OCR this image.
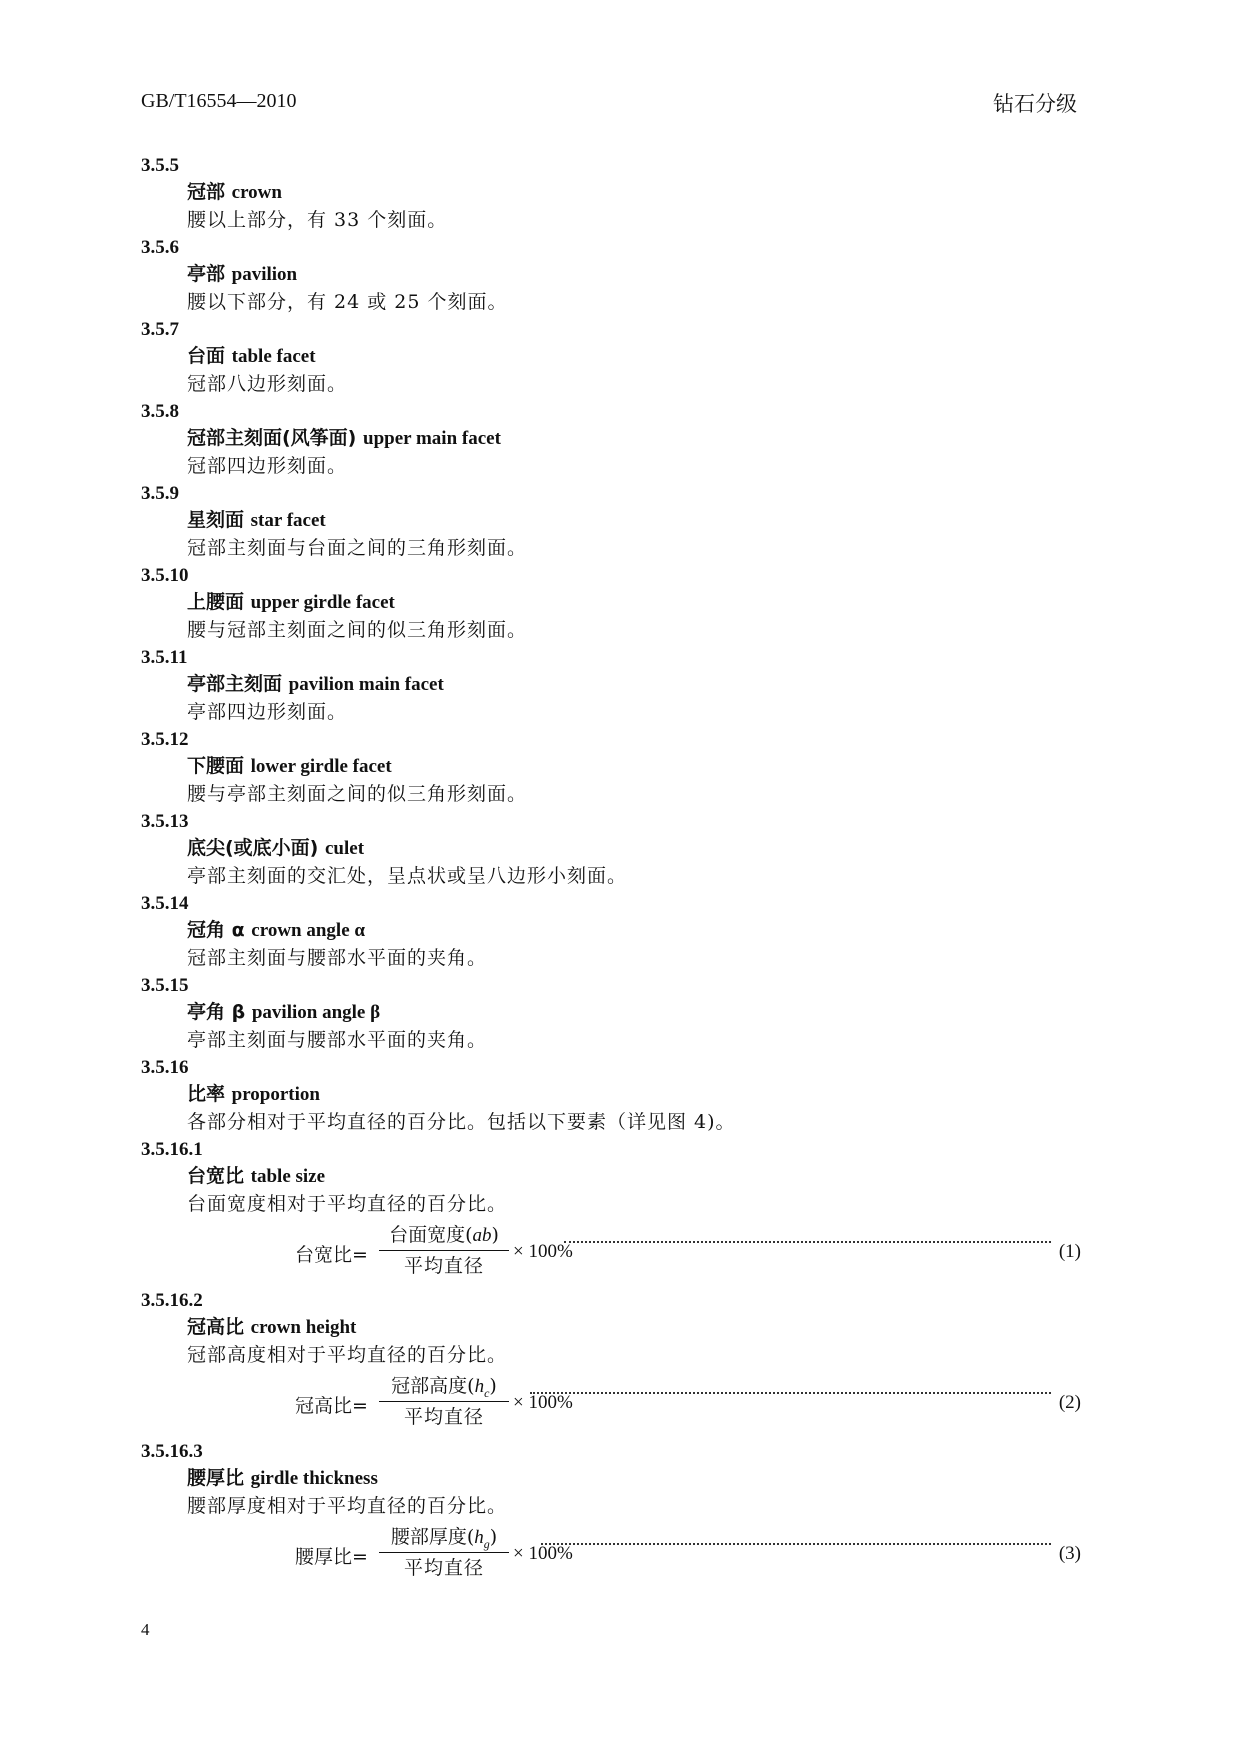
GB/T16554—2010	钻石分级
3.5.5
冠部 crown
腰以上部分，有 33 个刻面。
3.5.6
亭部 pavilion
腰以下部分，有 24 或 25 个刻面。
3.5.7
台面 table facet
冠部八边形刻面。
3.5.8
冠部主刻面(风筝面) upper main facet
冠部四边形刻面。
3.5.9
星刻面 star facet
冠部主刻面与台面之间的三角形刻面。
3.5.10
上腰面 upper girdle facet
腰与冠部主刻面之间的似三角形刻面。
3.5.11
亭部主刻面 pavilion main facet
亭部四边形刻面。
3.5.12
下腰面 lower girdle facet
腰与亭部主刻面之间的似三角形刻面。
3.5.13
底尖(或底小面) culet
亭部主刻面的交汇处，呈点状或呈八边形小刻面。
3.5.14
冠角 α crown angle α
冠部主刻面与腰部水平面的夹角。
3.5.15
亭角 β pavilion angle β
亭部主刻面与腰部水平面的夹角。
3.5.16
比率 proportion
各部分相对于平均直径的百分比。包括以下要素（详见图 4)。
3.5.16.1
台宽比 table size
台面宽度相对于平均直径的百分比。
台宽比=
台面宽度(ab)
平均直径
× 100%	(1)
3.5.16.2
冠高比 crown height
冠部高度相对于平均直径的百分比。
冠高比=
冠部高度$(h_c)$
平均直径
× 100%	(2)
3.5.16.3
腰厚比 girdle thickness
腰部厚度相对于平均直径的百分比。
腰厚比=
腰部厚度$(h_g)$
平均直径
× 100%	(3)
4
